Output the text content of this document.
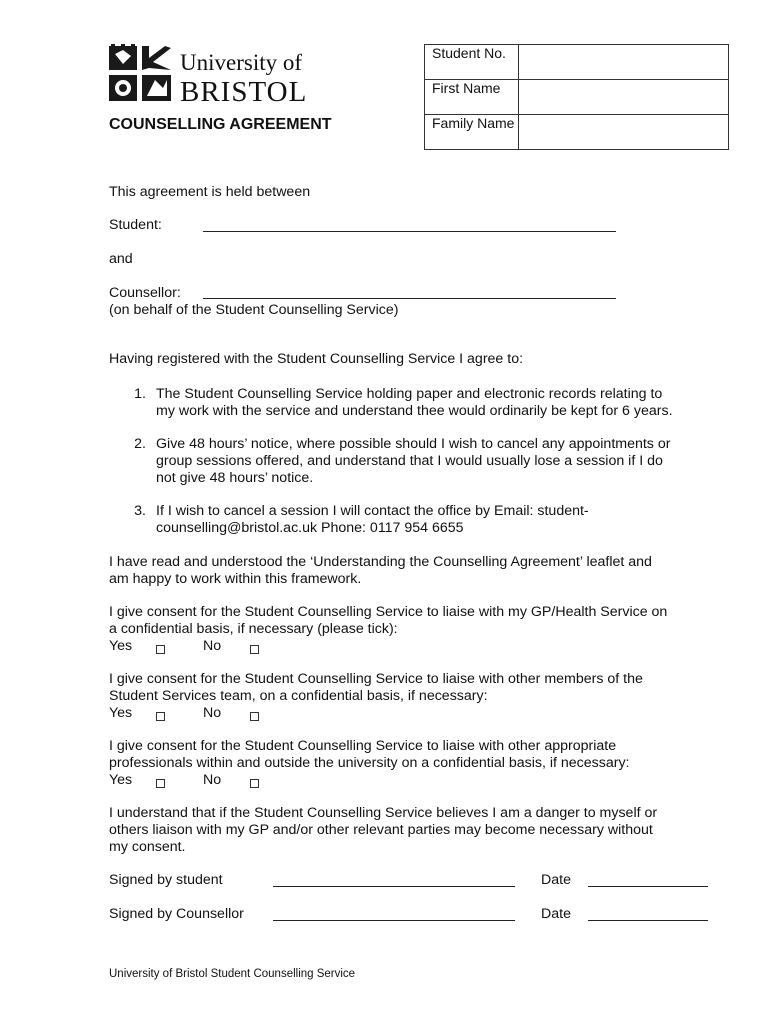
University of
BRISTOL
COUNSELLING AGREEMENT
Student No.	
First Name	
Family Name	
This agreement is held between
Student:
and
Counsellor:
(on behalf of the Student Counselling Service)
Having registered with the Student Counselling Service I agree to:
1. The Student Counselling Service holding paper and electronic records relating to
my work with the service and understand thee would ordinarily be kept for 6 years.
2. Give 48 hours’ notice, where possible should I wish to cancel any appointments or
group sessions offered, and understand that I would usually lose a session if I do
not give 48 hours’ notice.
3. If I wish to cancel a session I will contact the office by Email: student-
counselling@bristol.ac.uk Phone: 0117 954 6655
I have read and understood the ‘Understanding the Counselling Agreement’ leaflet and
am happy to work within this framework.
I give consent for the Student Counselling Service to liaise with my GP/Health Service on
a confidential basis, if necessary (please tick):
Yes	No
I give consent for the Student Counselling Service to liaise with other members of the
Student Services team, on a confidential basis, if necessary:
Yes	No
I give consent for the Student Counselling Service to liaise with other appropriate
professionals within and outside the university on a confidential basis, if necessary:
Yes	No
I understand that if the Student Counselling Service believes I am a danger to myself or
others liaison with my GP and/or other relevant parties may become necessary without
my consent.
Signed by student	Date
Signed by Counsellor	Date
University of Bristol Student Counselling Service
